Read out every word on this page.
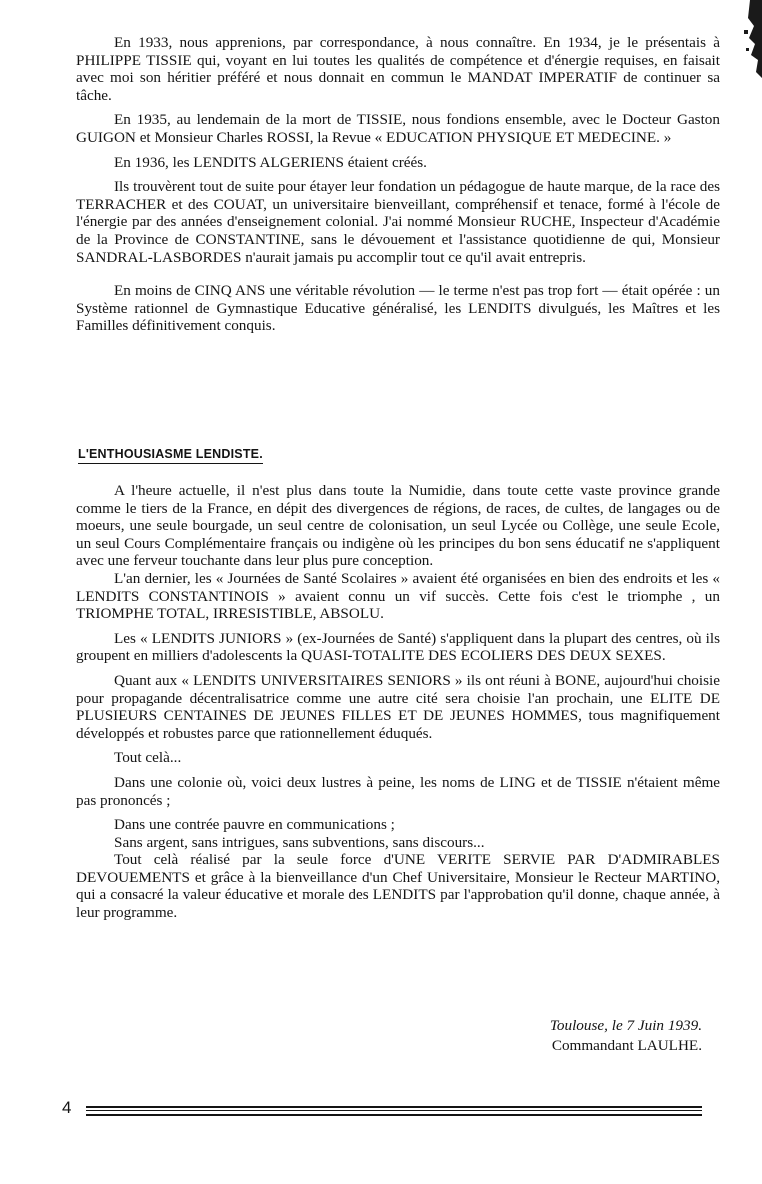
En 1933, nous apprenions, par correspondance, à nous connaître. En 1934, je le présentais à PHILIPPE TISSIE qui, voyant en lui toutes les qualités de compétence et d'énergie requises, en faisait avec moi son héritier préféré et nous donnait en commun le MANDAT IMPERATIF de continuer sa tâche.

En 1935, au lendemain de la mort de TISSIE, nous fondions ensemble, avec le Docteur Gaston GUIGON et Monsieur Charles ROSSI, la Revue « EDUCATION PHYSIQUE ET MEDECINE. »

En 1936, les LENDITS ALGERIENS étaient créés.

Ils trouvèrent tout de suite pour étayer leur fondation un pédagogue de haute marque, de la race des TERRACHER et des COUAT, un universitaire bienveillant, compréhensif et tenace, formé à l'école de l'énergie par des années d'enseignement colonial. J'ai nommé Monsieur RUCHE, Inspecteur d'Académie de la Province de CONSTANTINE, sans le dévouement et l'assistance quotidienne de qui, Monsieur SANDRAL-LASBORDES n'aurait jamais pu accomplir tout ce qu'il avait entrepris.

En moins de CINQ ANS une véritable révolution — le terme n'est pas trop fort — était opérée : un Système rationnel de Gymnastique Educative généralisé, les LENDITS divulgués, les Maîtres et les Familles définitivement conquis.

L'ENTHOUSIASME LENDISTE.

A l'heure actuelle, il n'est plus dans toute la Numidie, dans toute cette vaste province grande comme le tiers de la France, en dépit des divergences de régions, de races, de cultes, de langages ou de moeurs, une seule bourgade, un seul centre de colonisation, un seul Lycée ou Collège, une seule Ecole, un seul Cours Complémentaire français ou indigène où les principes du bon sens éducatif ne s'appliquent avec une ferveur touchante dans leur plus pure conception.

L'an dernier, les « Journées de Santé Scolaires » avaient été organisées en bien des endroits et les « LENDITS CONSTANTINOIS » avaient connu un vif succès. Cette fois c'est le triomphe , un TRIOMPHE TOTAL, IRRESISTIBLE, ABSOLU.

Les « LENDITS JUNIORS » (ex-Journées de Santé) s'appliquent dans la plupart des centres, où ils groupent en milliers d'adolescents la QUASI-TOTALITE DES ECOLIERS DES DEUX SEXES.

Quant aux « LENDITS UNIVERSITAIRES SENIORS » ils ont réuni à BONE, aujourd'hui choisie pour propagande décentralisatrice comme une autre cité sera choisie l'an prochain, une ELITE DE PLUSIEURS CENTAINES DE JEUNES FILLES ET DE JEUNES HOMMES, tous magnifiquement développés et robustes parce que rationnellement éduqués.

Tout celà...

Dans une colonie où, voici deux lustres à peine, les noms de LING et de TISSIE n'étaient même pas prononcés ;

Dans une contrée pauvre en communications ;

Sans argent, sans intrigues, sans subventions, sans discours...

Tout celà réalisé par la seule force d'UNE VERITE SERVIE PAR D'ADMIRABLES DEVOUEMENTS et grâce à la bienveillance d'un Chef Universitaire, Monsieur le Recteur MARTINO, qui a consacré la valeur éducative et morale des LENDITS par l'approbation qu'il donne, chaque année, à leur programme.

Toulouse, le 7 Juin 1939.
Commandant LAULHE.
4
